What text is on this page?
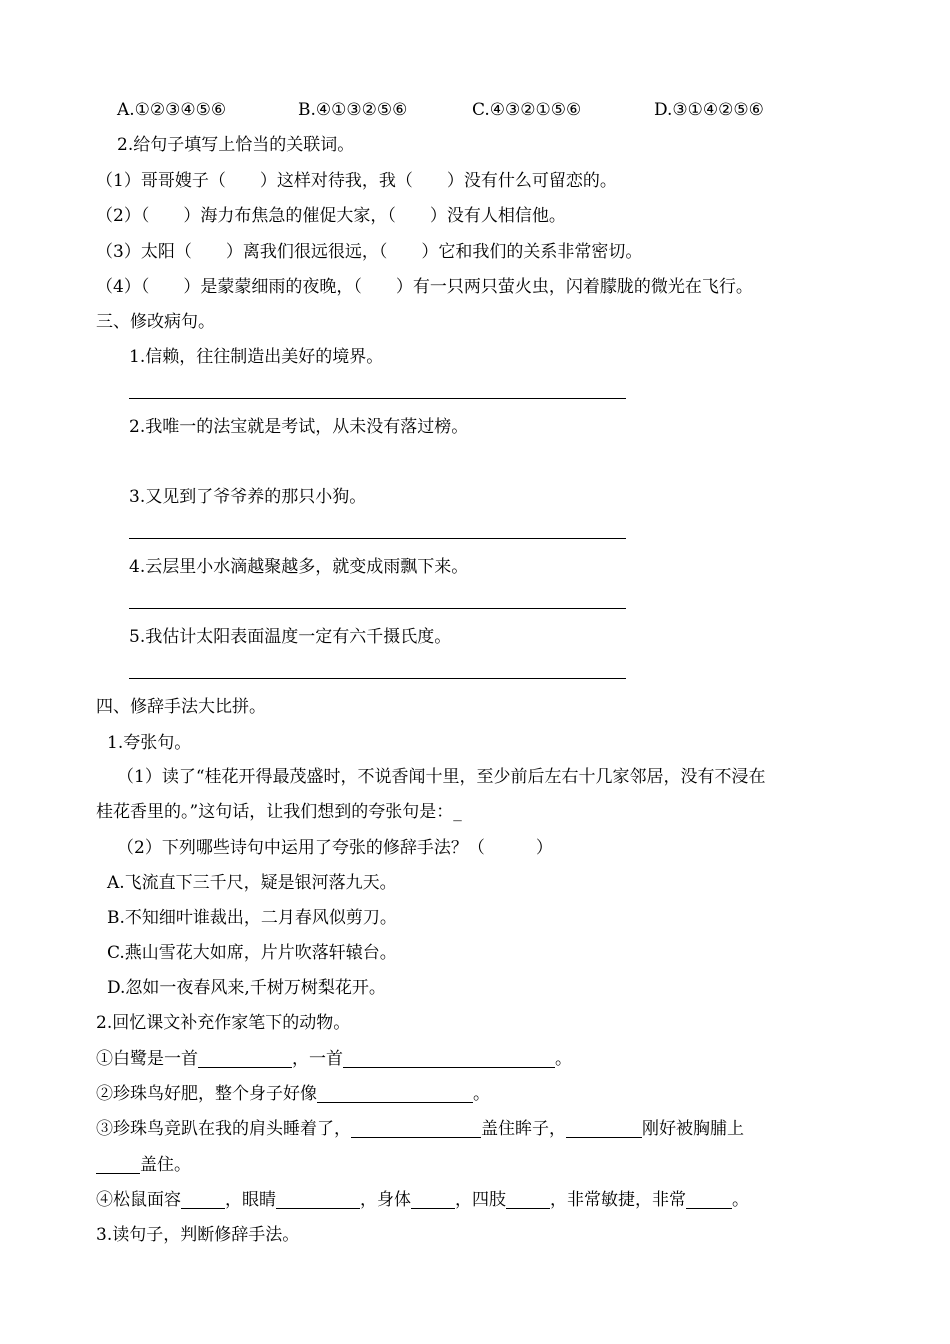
A.①②③④⑤⑥	B.④①③②⑤⑥	C.④③②①⑤⑥	D.③①④②⑤⑥
2.给句子填写上恰当的关联词。
（1）哥哥嫂子（　　）这样对待我，我（　　）没有什么可留恋的。
（2）（　　）海力布焦急的催促大家，（　　）没有人相信他。
（3）太阳（　　）离我们很远很远，（　　）它和我们的关系非常密切。
（4）（　　）是蒙蒙细雨的夜晚，（　　）有一只两只萤火虫，闪着朦胧的微光在飞行。
三、修改病句。
1.信赖，往往制造出美好的境界。
2.我唯一的法宝就是考试，从未没有落过榜。
3.又见到了爷爷养的那只小狗。
4.云层里小水滴越聚越多，就变成雨飘下来。
5.我估计太阳表面温度一定有六千摄氏度。
四、修辞手法大比拼。
1.夸张句。
（1）读了“桂花开得最茂盛时，不说香闻十里，至少前后左右十几家邻居，没有不浸在
桂花香里的。”这句话，让我们想到的夸张句是：_
（2）下列哪些诗句中运用了夸张的修辞手法？（　　　）
A.飞流直下三千尺，疑是银河落九天。
B.不知细叶谁裁出，二月春风似剪刀。
C.燕山雪花大如席，片片吹落轩辕台。
D.忽如一夜春风来,千树万树梨花开。
2.回忆课文补充作家笔下的动物。
①白鹭是一首	，一首	。
②珍珠鸟好肥，整个身子好像	。
③珍珠鸟竞趴在我的肩头睡着了，	盖住眸子，	刚好被胸脯上
盖住。
④松鼠面容	，眼睛	，身体	，四肢	，非常敏捷，非常	。
3.读句子，判断修辞手法。
